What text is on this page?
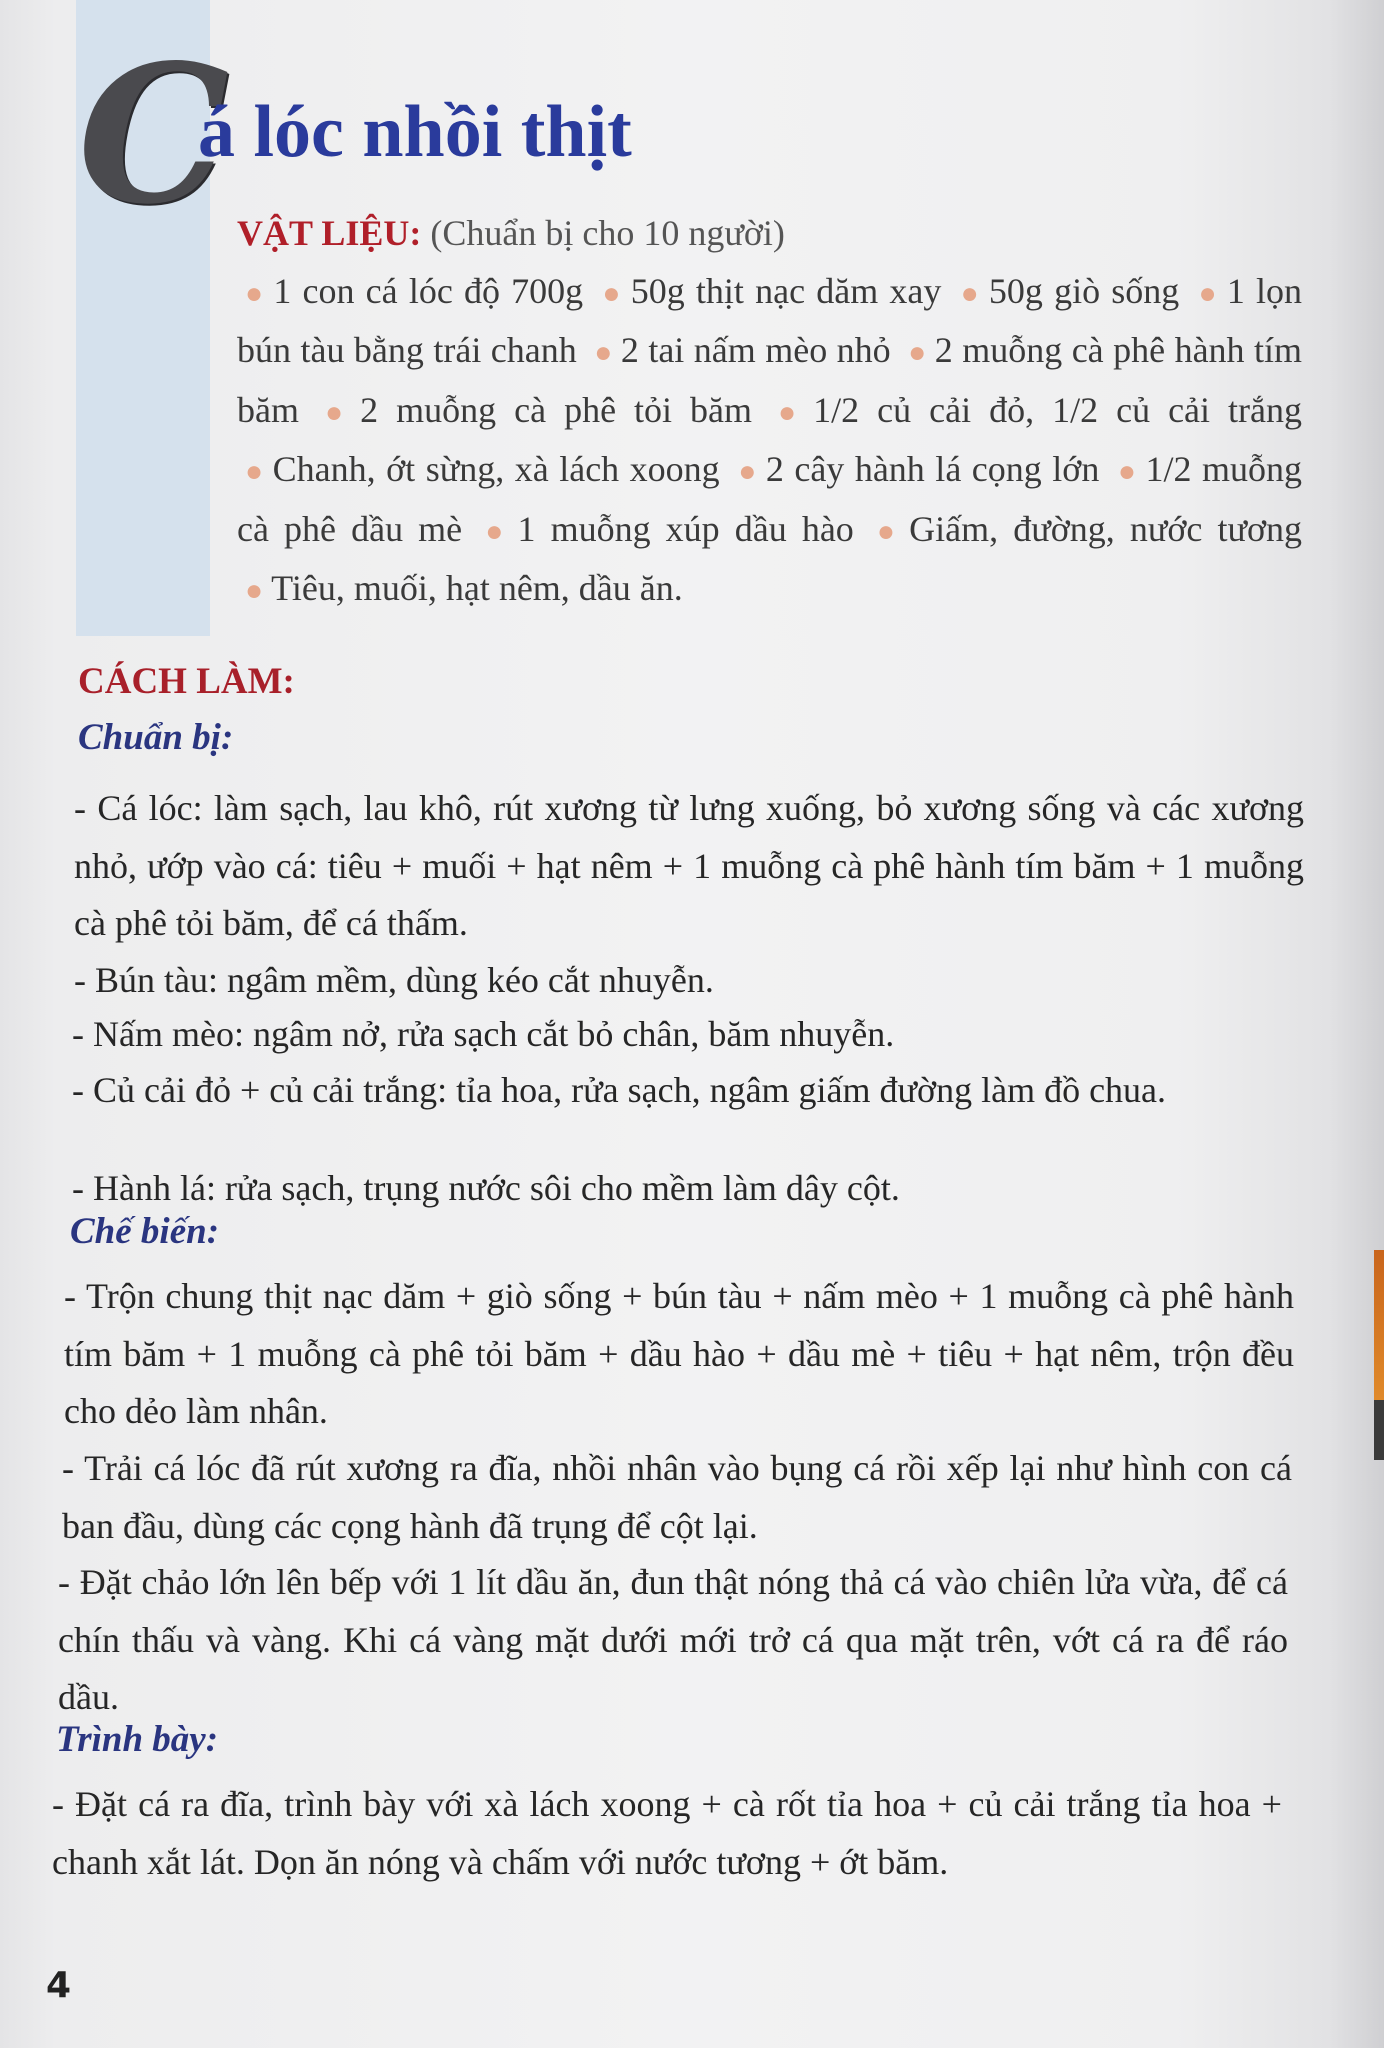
C
á lóc nhồi thịt
VẬT LIỆU: (Chuẩn bị cho 10 người)
● 1 con cá lóc độ 700g ● 50g thịt nạc dăm xay ● 50g giò sống ● 1 lọn bún tàu bằng trái chanh ● 2 tai nấm mèo nhỏ ● 2 muỗng cà phê hành tím băm ● 2 muỗng cà phê tỏi băm ● 1/2 củ cải đỏ, 1/2 củ cải trắng ● Chanh, ớt sừng, xà lách xoong ● 2 cây hành lá cọng lớn ● 1/2 muỗng cà phê dầu mè ● 1 muỗng xúp dầu hào ● Giấm, đường, nước tương ● Tiêu, muối, hạt nêm, dầu ăn.
CÁCH LÀM:
Chuẩn bị:
- Cá lóc: làm sạch, lau khô, rút xương từ lưng xuống, bỏ xương sống và các xương nhỏ, ướp vào cá: tiêu + muối + hạt nêm + 1 muỗng cà phê hành tím băm + 1 muỗng cà phê tỏi băm, để cá thấm.
- Bún tàu: ngâm mềm, dùng kéo cắt nhuyễn.
- Nấm mèo: ngâm nở, rửa sạch cắt bỏ chân, băm nhuyễn.
- Củ cải đỏ + củ cải trắng: tỉa hoa, rửa sạch, ngâm giấm đường làm đồ chua.
- Hành lá: rửa sạch, trụng nước sôi cho mềm làm dây cột.
Chế biến:
- Trộn chung thịt nạc dăm + giò sống + bún tàu + nấm mèo + 1 muỗng cà phê hành tím băm + 1 muỗng cà phê tỏi băm + dầu hào + dầu mè + tiêu + hạt nêm, trộn đều cho dẻo làm nhân.
- Trải cá lóc đã rút xương ra đĩa, nhồi nhân vào bụng cá rồi xếp lại như hình con cá ban đầu, dùng các cọng hành đã trụng để cột lại.
- Đặt chảo lớn lên bếp với 1 lít dầu ăn, đun thật nóng thả cá vào chiên lửa vừa, để cá chín thấu và vàng. Khi cá vàng mặt dưới mới trở cá qua mặt trên, vớt cá ra để ráo dầu.
Trình bày:
- Đặt cá ra đĩa, trình bày với xà lách xoong + cà rốt tỉa hoa + củ cải trắng tỉa hoa + chanh xắt lát. Dọn ăn nóng và chấm với nước tương + ớt băm.
4
